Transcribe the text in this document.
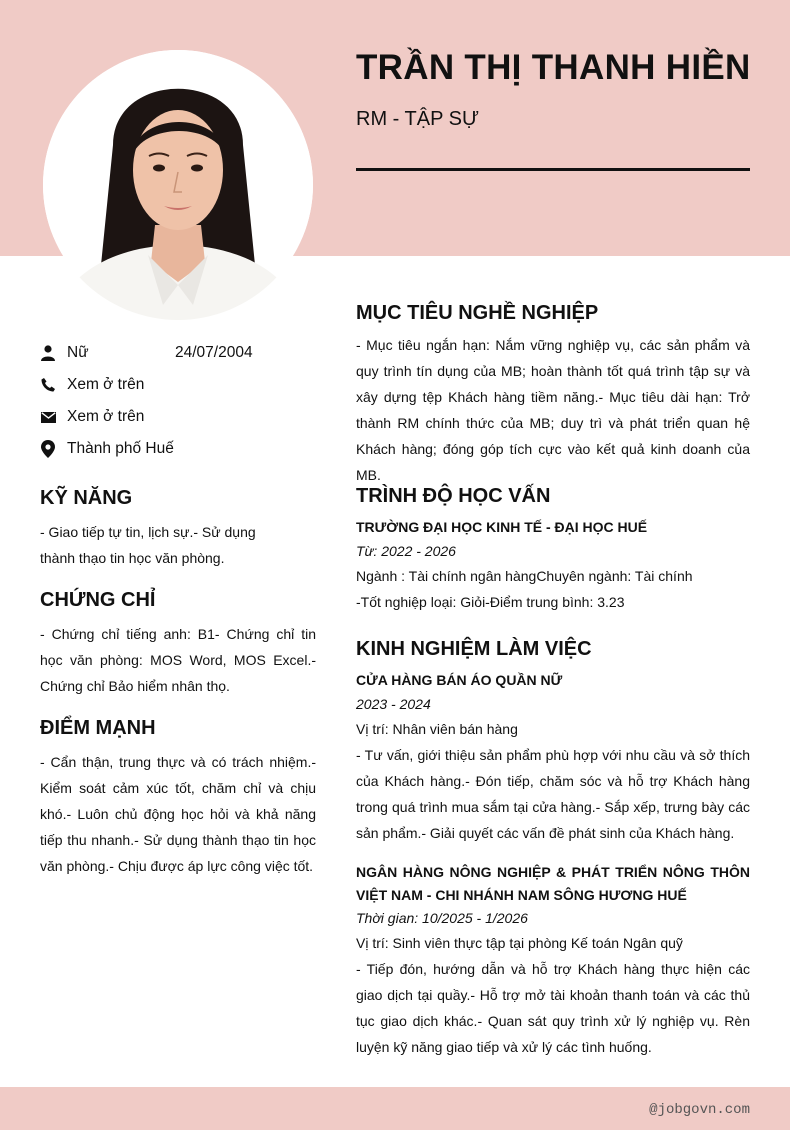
TRẦN THỊ THANH HIỀN
RM - TẬP SỰ
Nữ	24/07/2004
Xem ở trên
Xem ở trên
Thành phố Huế
KỸ NĂNG
- Giao tiếp tự tin, lịch sự.- Sử dụng thành thạo tin học văn phòng.
CHỨNG CHỈ
- Chứng chỉ tiếng anh: B1- Chứng chỉ tin học văn phòng: MOS Word, MOS Excel.- Chứng chỉ Bảo hiểm nhân thọ.
ĐIỂM MẠNH
- Cẩn thận, trung thực và có trách nhiệm.- Kiểm soát cảm xúc tốt, chăm chỉ và chịu khó.- Luôn chủ động học hỏi và khả năng tiếp thu nhanh.- Sử dụng thành thạo tin học văn phòng.- Chịu được áp lực công việc tốt.
MỤC TIÊU NGHỀ NGHIỆP
- Mục tiêu ngắn hạn: Nắm vững nghiệp vụ, các sản phẩm và quy trình tín dụng của MB; hoàn thành tốt quá trình tập sự và xây dựng tệp Khách hàng tiềm năng.- Mục tiêu dài hạn: Trở thành RM chính thức của MB; duy trì và phát triển quan hệ Khách hàng; đóng góp tích cực vào kết quả kinh doanh của MB.
TRÌNH ĐỘ HỌC VẤN
TRƯỜNG ĐẠI HỌC KINH TẾ - ĐẠI HỌC HUẾ
Từ: 2022 - 2026
Ngành : Tài chính ngân hàngChuyên ngành: Tài chính
-Tốt nghiệp loại: Giỏi-Điểm trung bình: 3.23
KINH NGHIỆM LÀM VIỆC
CỬA HÀNG BÁN ÁO QUẦN NỮ
2023 - 2024
Vị trí: Nhân viên bán hàng
- Tư vấn, giới thiệu sản phẩm phù hợp với nhu cầu và sở thích của Khách hàng.- Đón tiếp, chăm sóc và hỗ trợ Khách hàng trong quá trình mua sắm tại cửa hàng.- Sắp xếp, trưng bày các sản phẩm.- Giải quyết các vấn đề phát sinh của Khách hàng.
NGÂN HÀNG NÔNG NGHIỆP & PHÁT TRIỂN NÔNG THÔN VIỆT NAM - CHI NHÁNH NAM SÔNG HƯƠNG HUẾ
Thời gian: 10/2025 - 1/2026
Vị trí: Sinh viên thực tập tại phòng Kế toán Ngân quỹ
- Tiếp đón, hướng dẫn và hỗ trợ Khách hàng thực hiện các giao dịch tại quầy.- Hỗ trợ mở tài khoản thanh toán và các thủ tục giao dịch khác.- Quan sát quy trình xử lý nghiệp vụ. Rèn luyện kỹ năng giao tiếp và xử lý các tình huống.
@jobgovn.com
